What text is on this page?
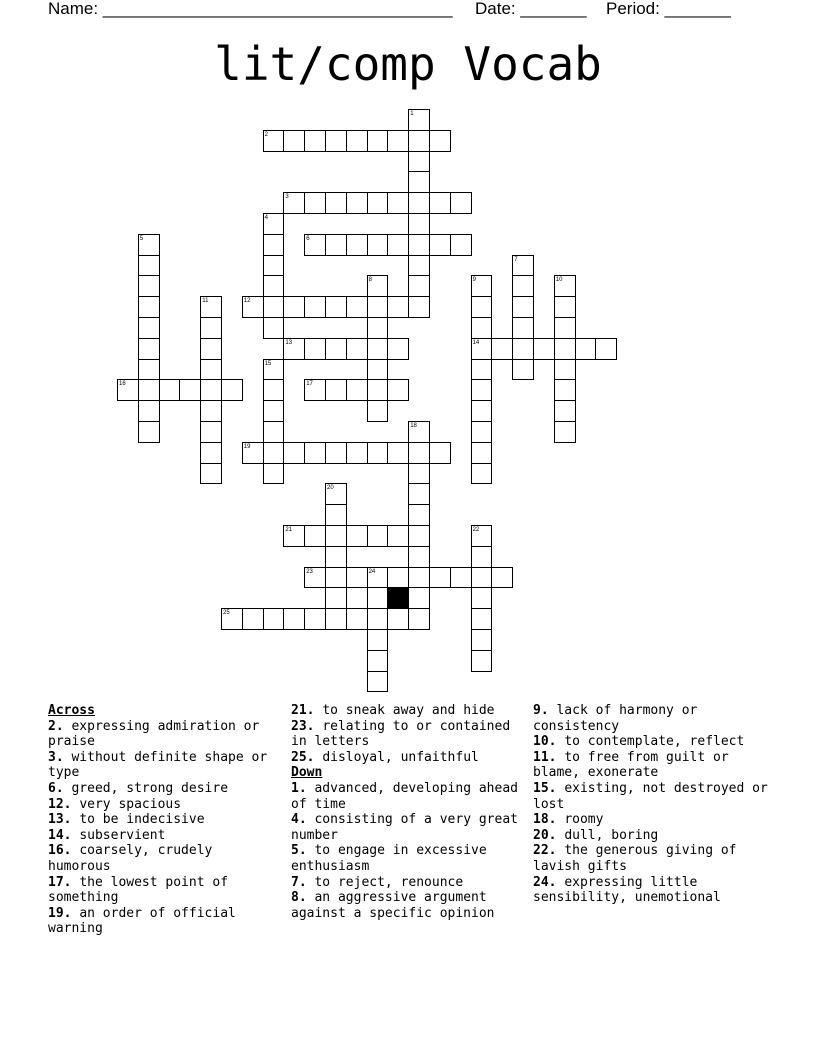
Name: _____________________________________ Date: _______ Period: _______
lit/comp Vocab
1
2
3
4
5	6
7
8	9	10
11	12
13	14
15
16	17
18
19
20
21	22
23	24
25
Across
2. expressing admiration or praise
3. without definite shape or type
6. greed, strong desire
12. very spacious
13. to be indecisive
14. subservient
16. coarsely, crudely humorous
17. the lowest point of something
19. an order of official warning
21. to sneak away and hide
23. relating to or contained in letters
25. disloyal, unfaithful
Down
1. advanced, developing ahead of time
4. consisting of a very great number
5. to engage in excessive enthusiasm
7. to reject, renounce
8. an aggressive argument against a specific opinion
9. lack of harmony or consistency
10. to contemplate, reflect
11. to free from guilt or blame, exonerate
15. existing, not destroyed or lost
18. roomy
20. dull, boring
22. the generous giving of lavish gifts
24. expressing little sensibility, unemotional
